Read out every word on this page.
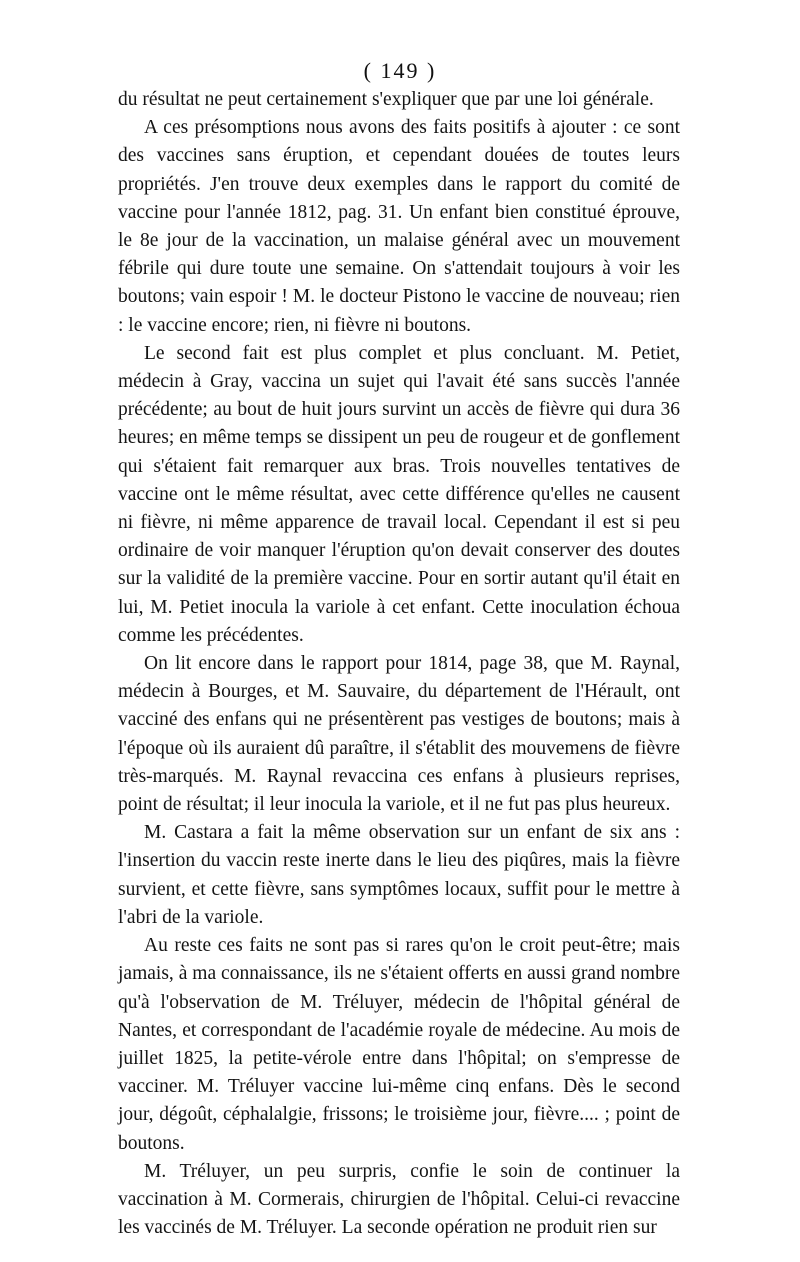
( 149 )

du résultat ne peut certainement s'expliquer que par une loi générale.

A ces présomptions nous avons des faits positifs à ajouter : ce sont des vaccines sans éruption, et cependant douées de toutes leurs propriétés. J'en trouve deux exemples dans le rapport du comité de vaccine pour l'année 1812, pag. 31. Un enfant bien constitué éprouve, le 8e jour de la vaccination, un malaise général avec un mouvement fébrile qui dure toute une semaine. On s'attendait toujours à voir les boutons; vain espoir ! M. le docteur Pistono le vaccine de nouveau; rien : le vaccine encore; rien, ni fièvre ni boutons.

Le second fait est plus complet et plus concluant. M. Petiet, médecin à Gray, vaccina un sujet qui l'avait été sans succès l'année précédente; au bout de huit jours survint un accès de fièvre qui dura 36 heures; en même temps se dissipent un peu de rougeur et de gonflement qui s'étaient fait remarquer aux bras. Trois nouvelles tentatives de vaccine ont le même résultat, avec cette différence qu'elles ne causent ni fièvre, ni même apparence de travail local. Cependant il est si peu ordinaire de voir manquer l'éruption qu'on devait conserver des doutes sur la validité de la première vaccine. Pour en sortir autant qu'il était en lui, M. Petiet inocula la variole à cet enfant. Cette inoculation échoua comme les précédentes.

On lit encore dans le rapport pour 1814, page 38, que M. Raynal, médecin à Bourges, et M. Sauvaire, du département de l'Hérault, ont vacciné des enfans qui ne présentèrent pas vestiges de boutons; mais à l'époque où ils auraient dû paraître, il s'établit des mouvemens de fièvre très-marqués. M. Raynal revaccina ces enfans à plusieurs reprises, point de résultat; il leur inocula la variole, et il ne fut pas plus heureux.

M. Castara a fait la même observation sur un enfant de six ans : l'insertion du vaccin reste inerte dans le lieu des piqûres, mais la fièvre survient, et cette fièvre, sans symptômes locaux, suffit pour le mettre à l'abri de la variole.

Au reste ces faits ne sont pas si rares qu'on le croit peut-être; mais jamais, à ma connaissance, ils ne s'étaient offerts en aussi grand nombre qu'à l'observation de M. Tréluyer, médecin de l'hôpital général de Nantes, et correspondant de l'académie royale de médecine. Au mois de juillet 1825, la petite-vérole entre dans l'hôpital; on s'empresse de vacciner. M. Tréluyer vaccine lui-même cinq enfans. Dès le second jour, dégoût, céphalalgie, frissons; le troisième jour, fièvre.... ; point de boutons.

M. Tréluyer, un peu surpris, confie le soin de continuer la vaccination à M. Cormerais, chirurgien de l'hôpital. Celui-ci revaccine les vaccinés de M. Tréluyer. La seconde opération ne produit rien sur
